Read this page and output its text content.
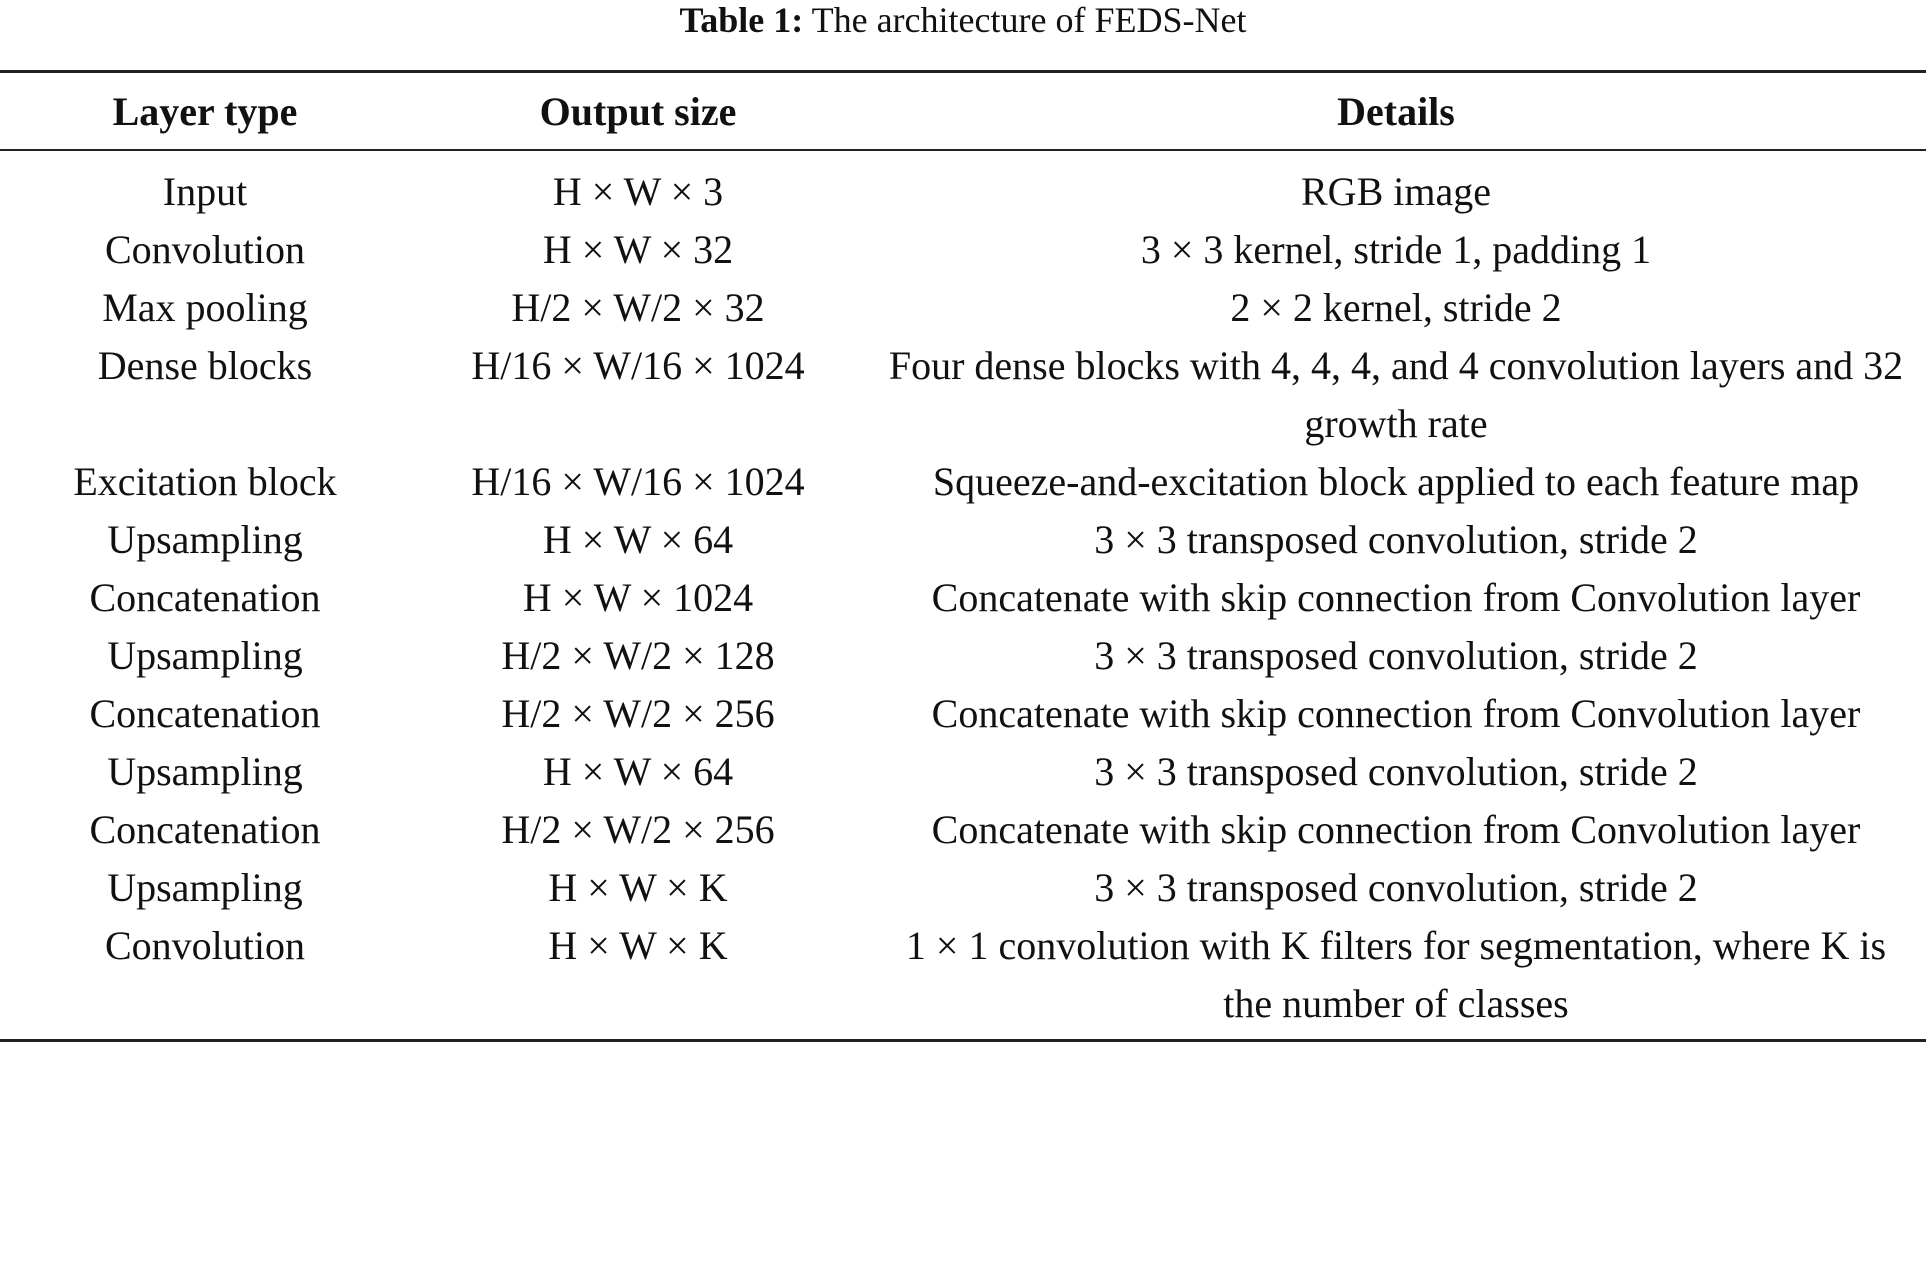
Table 1: The architecture of FEDS-Net
Layer type	Output size	Details
Input	H × W × 3	RGB image
Convolution	H × W × 32	3 × 3 kernel, stride 1, padding 1
Max pooling	H/2 × W/2 × 32	2 × 2 kernel, stride 2
Dense blocks	H/16 × W/16 × 1024	Four dense blocks with 4, 4, 4, and 4 convolution layers and 32 growth rate
Excitation block	H/16 × W/16 × 1024	Squeeze-and-excitation block applied to each feature map
Upsampling	H × W × 64	3 × 3 transposed convolution, stride 2
Concatenation	H × W × 1024	Concatenate with skip connection from Convolution layer
Upsampling	H/2 × W/2 × 128	3 × 3 transposed convolution, stride 2
Concatenation	H/2 × W/2 × 256	Concatenate with skip connection from Convolution layer
Upsampling	H × W × 64	3 × 3 transposed convolution, stride 2
Concatenation	H/2 × W/2 × 256	Concatenate with skip connection from Convolution layer
Upsampling	H × W × K	3 × 3 transposed convolution, stride 2
Convolution	H × W × K	1 × 1 convolution with K filters for segmentation, where K is the number of classes
